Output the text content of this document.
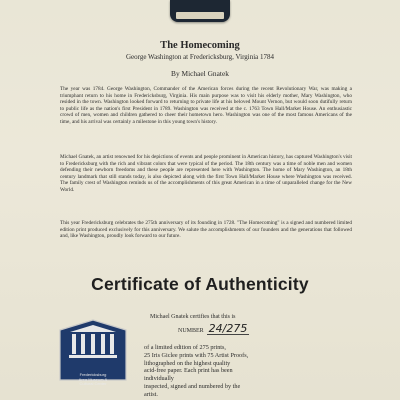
The Homecoming
George Washington at Fredericksburg, Virginia 1784
By Michael Gnatek

The year was 1784. George Washington, Commander of the American forces during the recent Revolutionary War, was making a triumphant return to his home in Fredericksburg, Virginia. His main purpose was to visit his elderly mother, Mary Washington, who resided in the town. Washington looked forward to returning to private life at his beloved Mount Vernon, but would soon dutifully return to public life as the nation's first President in 1789. Washington was received at the c. 1763 Town Hall/Market House. An enthusiastic crowd of men, women and children gathered to cheer their hometown hero. Washington was one of the most famous Americans of the time, and his arrival was certainly a milestone in this young town's history.

Michael Gnatek, an artist renowned for his depictions of events and people prominent in American history, has captured Washington's visit to Fredericksburg with the rich and vibrant colors that were typical of the period. The 18th century was a time of noble men and women defending their newborn freedoms and these people are represented here with Washington. The home of Mary Washington, an 18th century landmark that still stands today, is also depicted along with the first Town Hall/Market House where Washington was received. The family crest of Washington reminds us of the accomplishments of this great American in a time of unparalleled change for the New World.

This year Fredericksburg celebrates the 275th anniversary of its founding in 1728. "The Homecoming" is a signed and numbered limited edition print produced exclusively for this anniversary. We salute the accomplishments of our founders and the generations that followed and, like Washington, proudly look forward to our future.

Certificate of Authenticity
Michael Gnatek certifies that this is
NUMBER 24/275
of a limited edition of 275 prints,
25 Iris Giclee prints with 75 Artist Proofs,
lithographed on the highest quality
acid-free paper. Each print has been individually
inspected, signed and numbered by the artist.
Fredericksburg
Area Museum &
Cultural Center
